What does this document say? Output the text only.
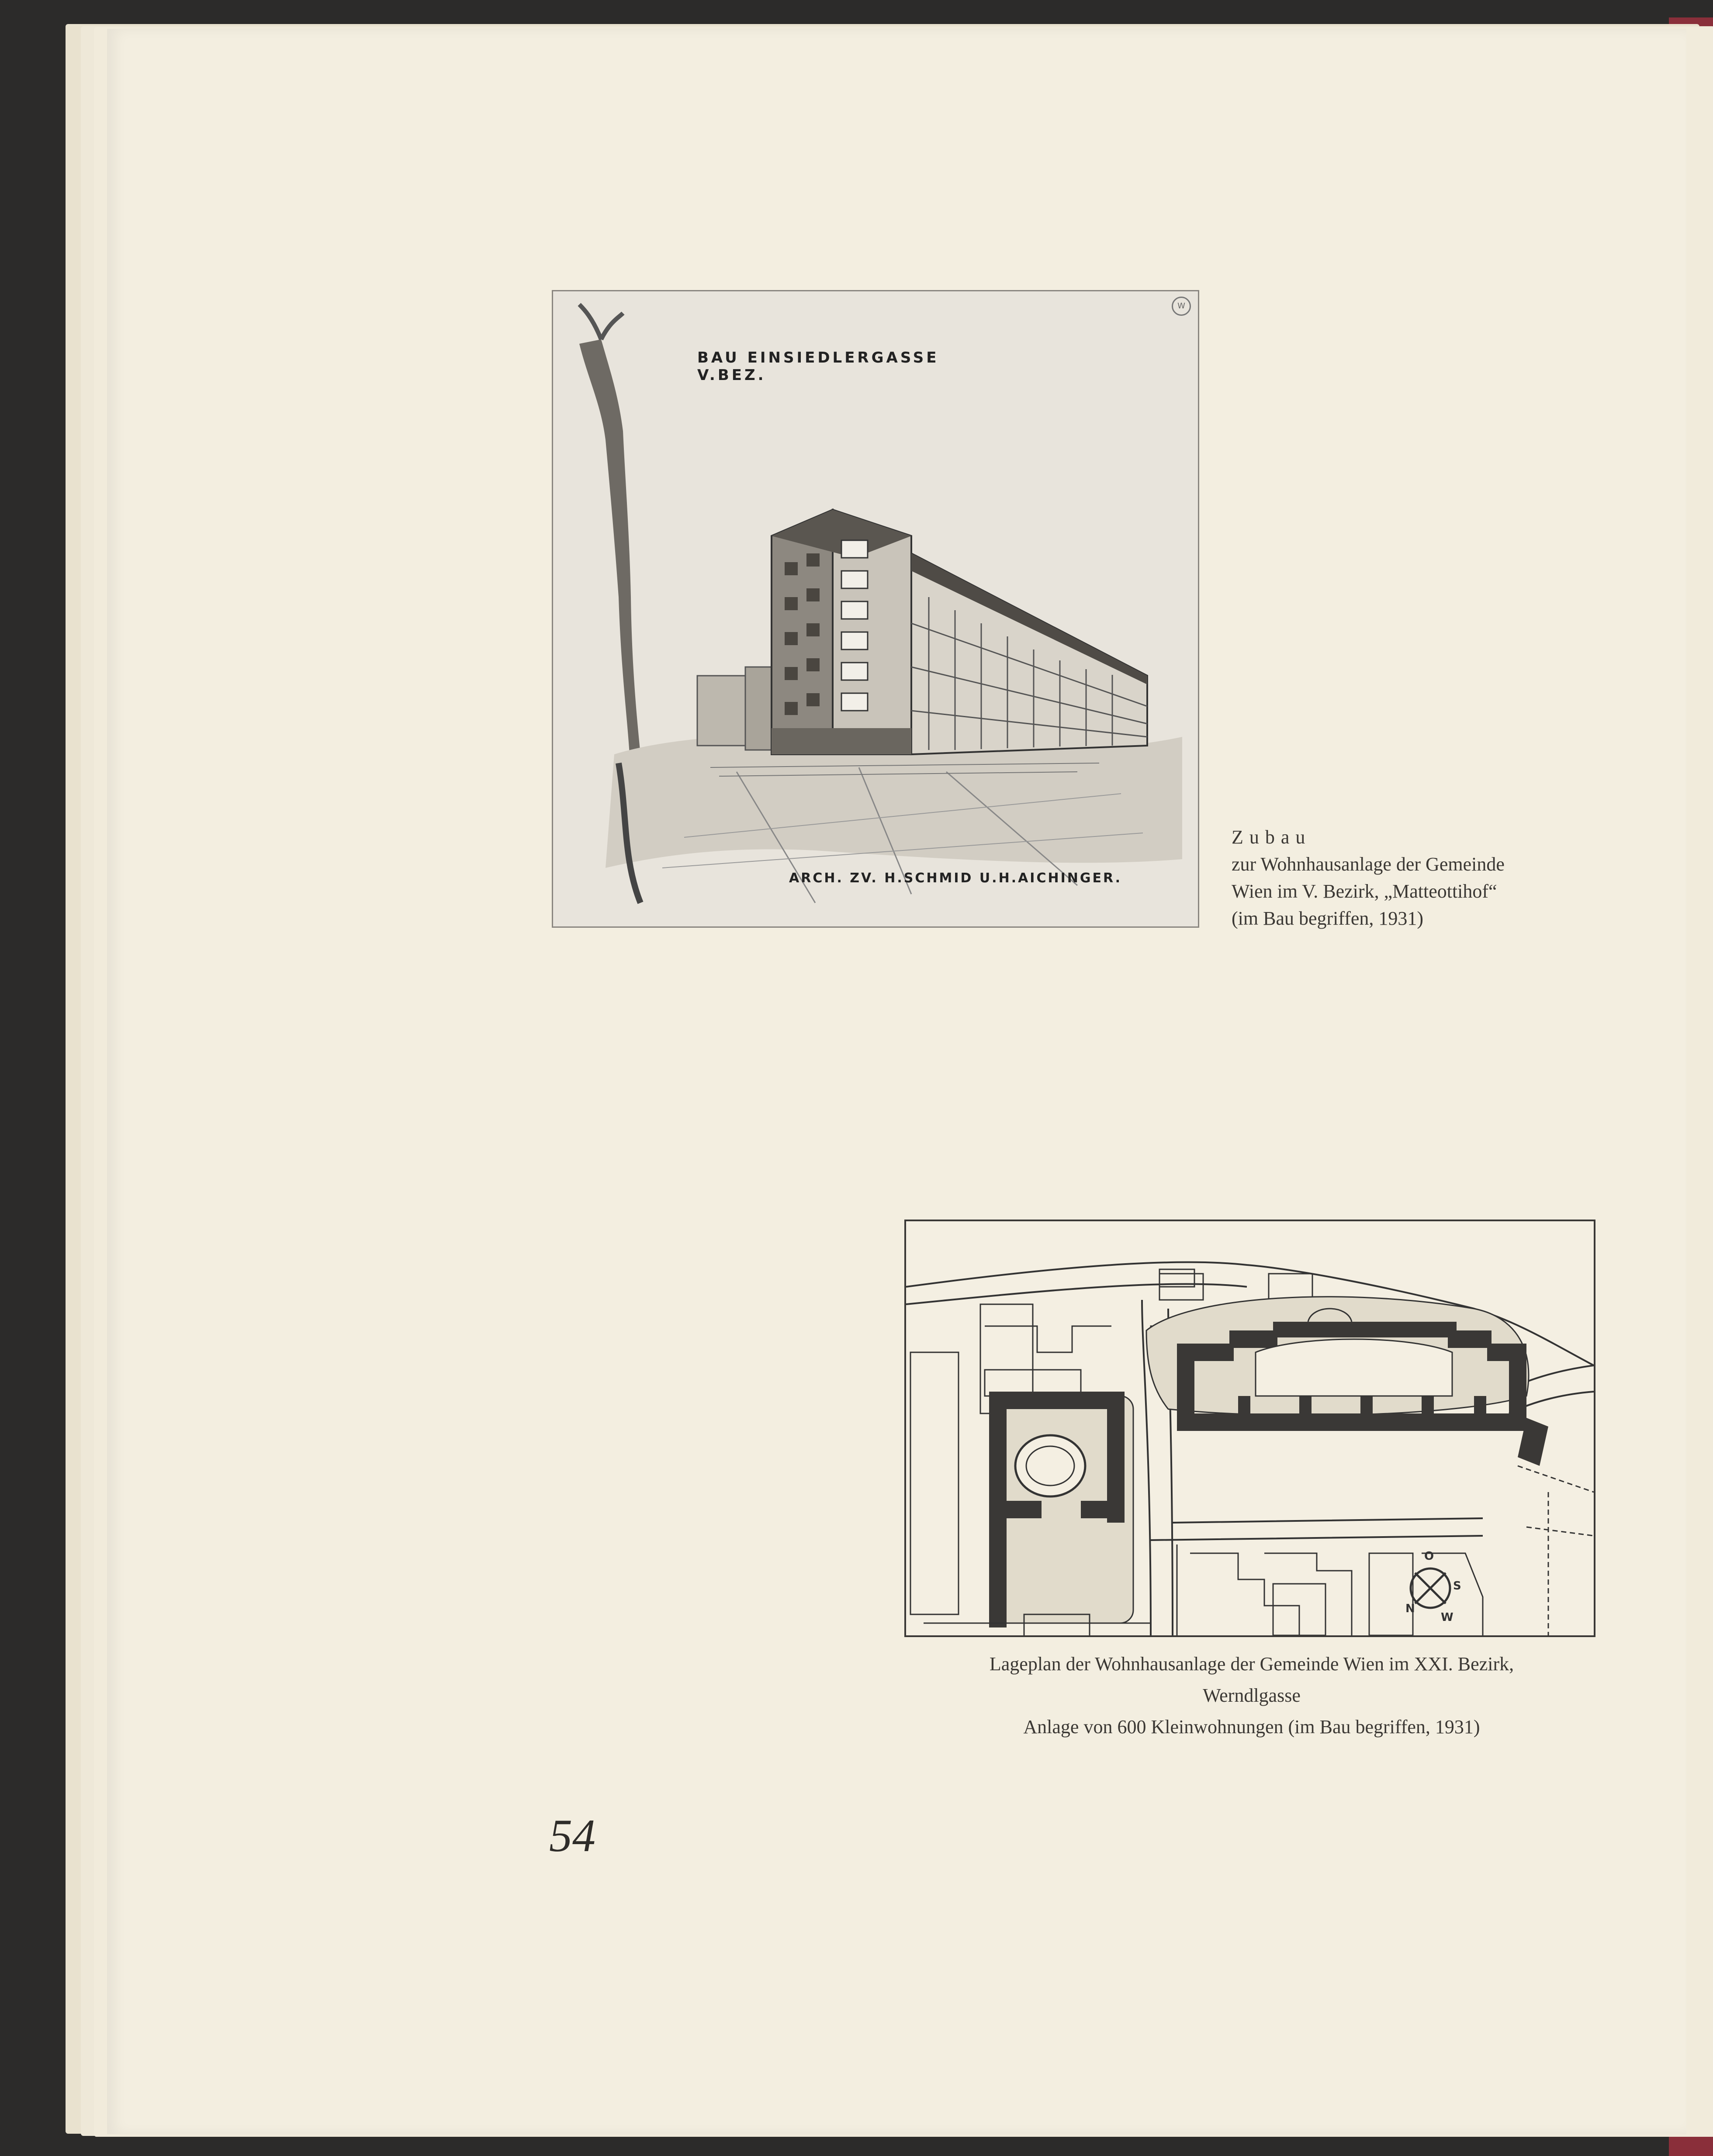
BAU EINSIEDLERGASSE V.BEZ.
ARCH. ZV. H.SCHMID U.H.AICHINGER.
W
Zubau
zur Wohnhausanlage der Gemeinde
Wien im V. Bezirk, „Matteottihof“
(im Bau begriffen, 1931)
N
O
S
W
Lageplan der Wohnhausanlage der Gemeinde Wien im XXI. Bezirk,
Werndlgasse
Anlage von 600 Kleinwohnungen (im Bau begriffen, 1931)
54
